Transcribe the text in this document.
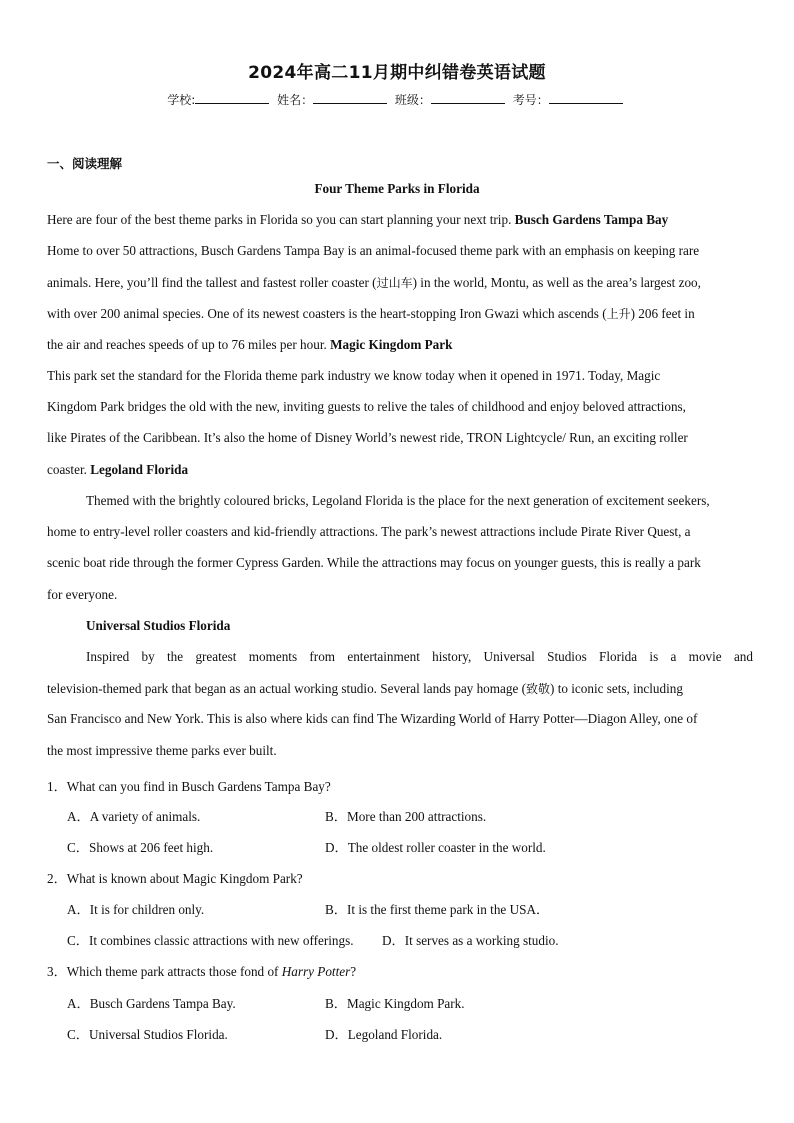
2024年高二11月期中纠错卷英语试题
学校:	姓名：	班级：	考号：
一、阅读理解
Four Theme Parks in Florida
Here are four of the best theme parks in Florida so you can start planning your next trip. Busch Gardens Tampa Bay
Home to over 50 attractions, Busch Gardens Tampa Bay is an animal-focused theme park with an emphasis on keeping rare
animals. Here, you’ll find the tallest and fastest roller coaster (过山车) in the world, Montu, as well as the area’s largest zoo,
with over 200 animal species. One of its newest coasters is the heart-stopping Iron Gwazi which ascends (上升) 206 feet in
the air and reaches speeds of up to 76 miles per hour. Magic Kingdom Park
This park set the standard for the Florida theme park industry we know today when it opened in 1971. Today, Magic
Kingdom Park bridges the old with the new, inviting guests to relive the tales of childhood and enjoy beloved attractions,
like Pirates of the Caribbean. It’s also the home of Disney World’s newest ride, TRON Lightcycle/ Run, an exciting roller
coaster. Legoland Florida
Themed with the brightly coloured bricks, Legoland Florida is the place for the next generation of excitement seekers,
home to entry-level roller coasters and kid-friendly attractions. The park’s newest attractions include Pirate River Quest, a
scenic boat ride through the former Cypress Garden. While the attractions may focus on younger guests, this is really a park
for everyone.
Universal Studios Florida
Inspired by the greatest moments from entertainment history, Universal Studios Florida is a movie and
television-themed park that began as an actual working studio. Several lands pay homage (致敬) to iconic sets, including
San Francisco and New York. This is also where kids can find The Wizarding World of Harry Potter—Diagon Alley, one of
the most impressive theme parks ever built.
1．What can you find in Busch Gardens Tampa Bay?
A．A variety of animals.	B．More than 200 attractions.
C．Shows at 206 feet high.	D．The oldest roller coaster in the world.
2．What is known about Magic Kingdom Park?
A．It is for children only.	B．It is the first theme park in the USA．
C．It combines classic attractions with new offerings. D．It serves as a working studio.
3．Which theme park attracts those fond of Harry Potter?
A．Busch Gardens Tampa Bay.	B．Magic Kingdom Park.
C．Universal Studios Florida.	D．Legoland Florida.
